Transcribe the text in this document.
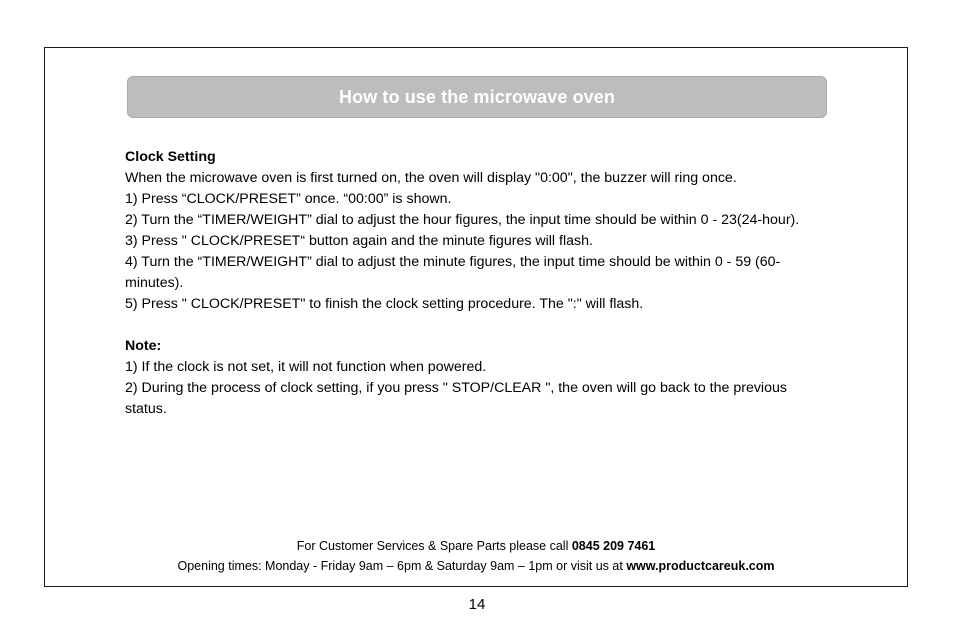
How to use the microwave oven

Clock Setting

When the microwave oven is first turned on, the oven will display "0:00", the buzzer will ring once.

1) Press “CLOCK/PRESET” once. “00:00” is shown.

2) Turn the “TIMER/WEIGHT” dial to adjust the hour figures, the input time should be within 0 - 23(24-hour).

3) Press " CLOCK/PRESET“ button again and the minute figures will flash.

4) Turn the “TIMER/WEIGHT” dial to adjust the minute figures, the input time should be within 0 - 59 (60-minutes).

5) Press " CLOCK/PRESET" to finish the clock setting procedure. The ":" will flash.

Note:

1) If the clock is not set, it will not function when powered.

2) During the process of clock setting, if you press " STOP/CLEAR ", the oven will go back to the previous status.

For Customer Services & Spare Parts please call 0845 209 7461
Opening times: Monday - Friday 9am – 6pm & Saturday 9am – 1pm or visit us at www.productcareuk.com
14
